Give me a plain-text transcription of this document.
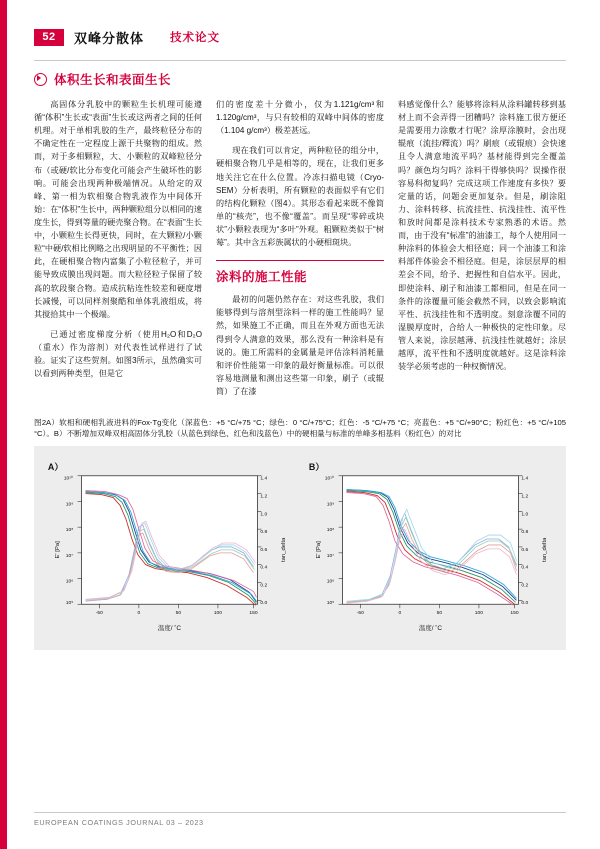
52	双峰分散体 技术论文
体积生长和表面生长

高固体分乳胶中的颗粒生长机理可能遵循“体积”生长或“表面”生长或这两者之间的任何机理。对于单相乳胶的生产，最终粒径分布的不确定性在一定程度上源于共聚物的组成。然而，对于多相颗粒，大、小颗粒的双峰粒径分布（或硬/软比分布变化可能会产生破坏性的影响。可能会出现两种极端情况。从给定的双峰、第一相为软相聚合物乳液作为中间体开始：在“体积”生长中，两种颗粒组分以相同的速度生长，得到等量的硬壳聚合物。在“表面”生长中，小颗粒生长得更快，同时，在大颗粒/小颗粒“中硬/软相比例略之出现明显的不平衡性；因此，在硬相聚合物内富集了小粒径粒子，并可能导致成膜出现问题。而大粒径粒子保留了较高的软段聚合物。造成抗粘连性较差和硬度增长减慢，可以同样剂聚酷和单体乳液组成，将其搅拾其中一个极端。

已通过密度梯度分析（使用H₂O和D₂O（重水）作为溶剂）对代表性试样进行了试验。证实了这些贺剂。如图3所示，虽然确实可以看到两种类型，但是它

们的密度差十分微小，仅为1.121g/cm³和1.120g/cm³，与只有较相的双峰中间体的密度（1.104 g/cm³）极差甚远。

现在我们可以肯定，两种粒径的组分中，硬相聚合物几乎是相等的，现在，让我们更多地关注它在什么位置。冷冻扫描电镜（Cryo-SEM）分析表明，所有颗粒的表面似乎有它们的结构化颗粒（图4）。其形态看起来既不像简单的“核壳”，也不像“覆盖”。而呈现“零碎或块状”小颗粒表现为“多叶”外观。粗颗粒类似于“树莓”。其中含五彩族属状的小硬相斑块。

涂料的施工性能

最初的问题仍然存在：对这些乳胶，我们能够得到与溶剂型涂料一样的施工性能吗？显然，如果施工不正确，而且在外观方面也无法得到令人满意的效果，那么没有一种涂料是有说的。施工所需料的金属量是评估涂料消耗量和评价性能第一印象的最好衡量标准。可以很容易地测量和测出这些第一印象，刷子（或辊筒）了在漆

料感觉像什么？能够将涂料从涂料罐转移到基材上而不会弄得一团糟吗？涂料施工很方便还是需要用力涂敷才行呢？涂厚涂膜时，会出现辊痕（流挂/釋流）吗？刷痕（或辊痕）会快速且令人满意地流平吗？基材能得到完全覆盖吗？颜色均匀吗？涂料干得够快吗？误操作很容易科彻复吗？完成这项工作速度有多快？要定量的话，问题会更加复杂。但是，刷涂阻力、涂料转移、抗流挂性、抗浅挂性、流平性和放时间都是涂料技术专家熟悉的术语。然而，由于没有“标准”的油漆工，每个人使用同一种涂料的体验会大相径庭；同一个油漆工和涂料部件体验会不相径庭。但是，涂层层厚的相差会不同，给予、把握性和自信水平。因此，即使涂料、刷子和油漆工都相同，但是在同一条件的涂覆量可能会截然不同，以致会影响流平性、抗浅挂性和不透明度。刻意涂覆不同的湿膜厚度时，合给人一种极快的定性印象。尽管人来说，涂层越薄、抗浅挂性就越好；涂层越厚，流平性和不透明度就越好。这是涂料涂装学必须考虑的一种权衡情况。

图2A）软相和硬相乳液进料的Fox-Tg变化（深蓝色：+5 °C/+75 °C；绿色：0 °C/+75°C；红色：-5 °C/+75 °C；亮蓝色：+5 °C/+90°C；粉红色：+5 °C/+105 °C）。B）不断增加双峰双相高固体分乳胶（从蓝色到绿色、红色和浅蓝色）中的硬相量与标准的单峰多相基料（粉红色）的对比
A）
10¹⁰
10⁹
10⁸
10⁷
10⁶
10⁵
1.4
1.2
1.0
0.8
0.6
0.4
0.2
0.0
-50	0	50	100	150
E' [Pa]	tan_delta
温度/ ˚C
B）
10¹⁰
10⁹
10⁸
10⁷
10⁶
10⁵
1.4
1.2
1.0
0.8
0.6
0.4
0.2
0.0
-50	0	50	100	150
E' [Pa]	tan_delta
温度/ ˚C
EUROPEAN COATINGS JOURNAL 03 – 2023
